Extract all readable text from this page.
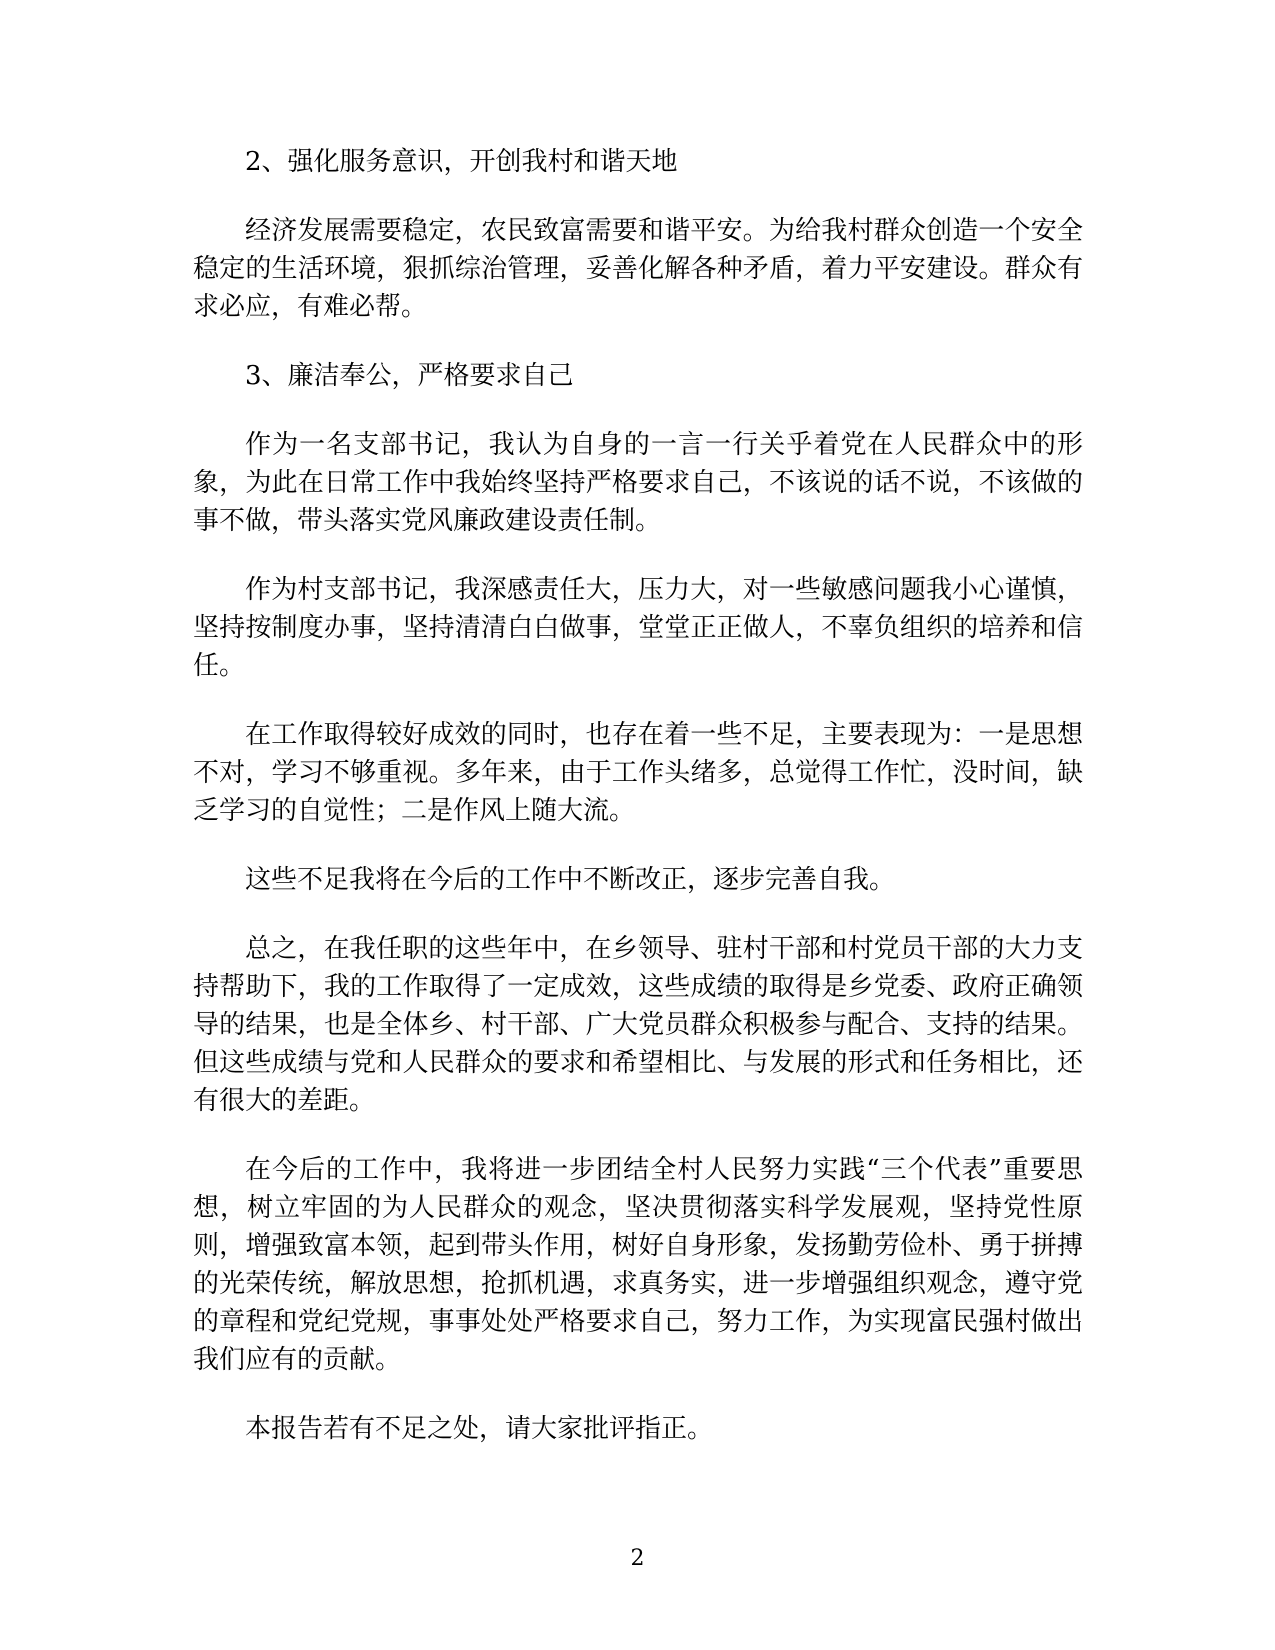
2、强化服务意识，开创我村和谐天地

经济发展需要稳定，农民致富需要和谐平安。为给我村群众创造一个安全稳定的生活环境，狠抓综治管理，妥善化解各种矛盾，着力平安建设。群众有求必应，有难必帮。

3、廉洁奉公，严格要求自己

作为一名支部书记，我认为自身的一言一行关乎着党在人民群众中的形象，为此在日常工作中我始终坚持严格要求自己，不该说的话不说，不该做的事不做，带头落实党风廉政建设责任制。

作为村支部书记，我深感责任大，压力大，对一些敏感问题我小心谨慎，坚持按制度办事，坚持清清白白做事，堂堂正正做人，不辜负组织的培养和信任。

在工作取得较好成效的同时，也存在着一些不足，主要表现为：一是思想不对，学习不够重视。多年来，由于工作头绪多，总觉得工作忙，没时间，缺乏学习的自觉性；二是作风上随大流。

这些不足我将在今后的工作中不断改正，逐步完善自我。

总之，在我任职的这些年中，在乡领导、驻村干部和村党员干部的大力支持帮助下，我的工作取得了一定成效，这些成绩的取得是乡党委、政府正确领导的结果，也是全体乡、村干部、广大党员群众积极参与配合、支持的结果。但这些成绩与党和人民群众的要求和希望相比、与发展的形式和任务相比，还有很大的差距。

在今后的工作中，我将进一步团结全村人民努力实践“三个代表”重要思想，树立牢固的为人民群众的观念，坚决贯彻落实科学发展观，坚持党性原则，增强致富本领，起到带头作用，树好自身形象，发扬勤劳俭朴、勇于拼搏的光荣传统，解放思想，抢抓机遇，求真务实，进一步增强组织观念，遵守党的章程和党纪党规，事事处处严格要求自己，努力工作，为实现富民强村做出我们应有的贡献。

本报告若有不足之处，请大家批评指正。

2
